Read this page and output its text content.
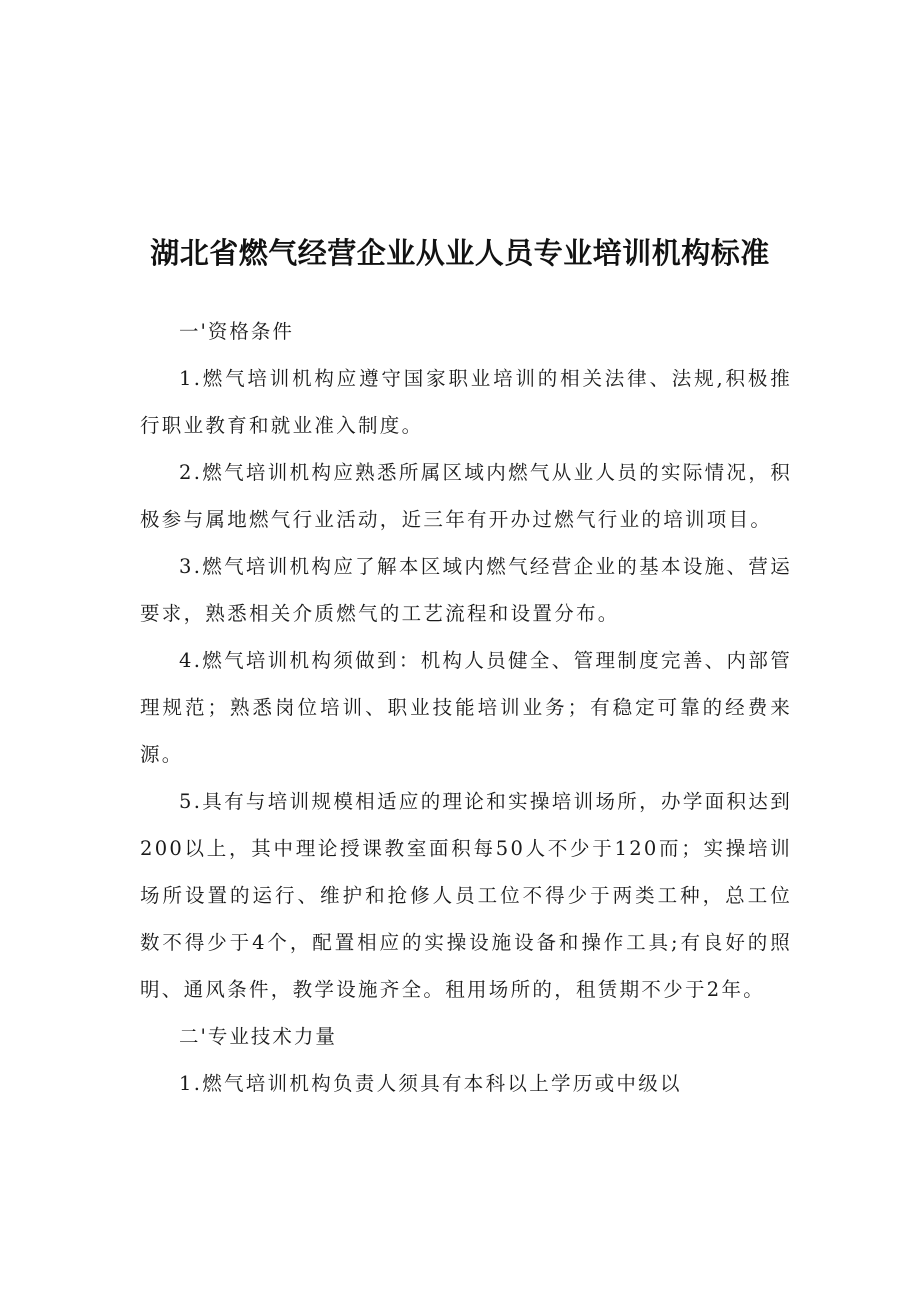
湖北省燃气经营企业从业人员专业培训机构标准

一'资格条件

1.燃气培训机构应遵守国家职业培训的相关法律、法规,积极推行职业教育和就业准入制度。

2.燃气培训机构应熟悉所属区域内燃气从业人员的实际情况，积极参与属地燃气行业活动，近三年有开办过燃气行业的培训项目。

3.燃气培训机构应了解本区域内燃气经营企业的基本设施、营运要求，熟悉相关介质燃气的工艺流程和设置分布。

4.燃气培训机构须做到：机构人员健全、管理制度完善、内部管理规范；熟悉岗位培训、职业技能培训业务；有稳定可靠的经费来源。

5.具有与培训规模相适应的理论和实操培训场所，办学面积达到200以上，其中理论授课教室面积每50人不少于120而；实操培训场所设置的运行、维护和抢修人员工位不得少于两类工种，总工位数不得少于4个，配置相应的实操设施设备和操作工具;有良好的照明、通风条件，教学设施齐全。租用场所的，租赁期不少于2年。

二'专业技术力量

1.燃气培训机构负责人须具有本科以上学历或中级以
